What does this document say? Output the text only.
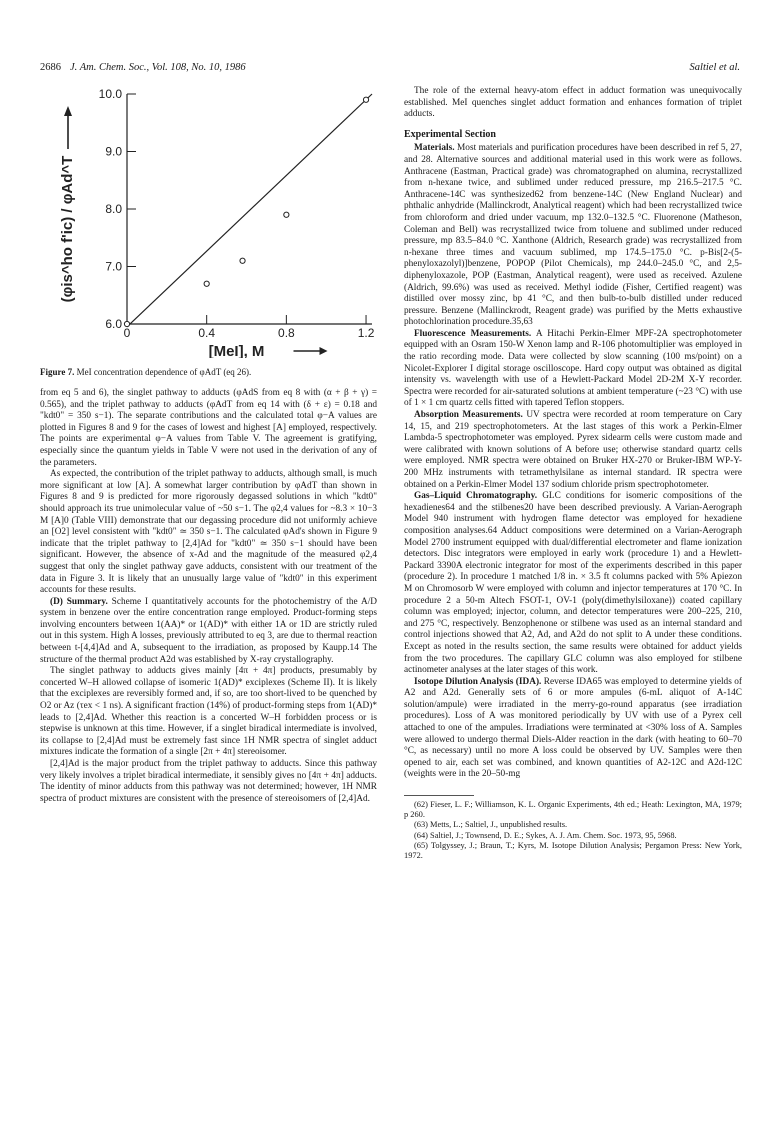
2686 J. Am. Chem. Soc., Vol. 108, No. 10, 1986	Saltiel et al.
6.0
7.0
8.0
9.0
10.0
0	0.4	0.8	1.2
[MeI], M
(φis^ho f'ic) / φAd^T
Figure 7. MeI concentration dependence of φAdT (eq 26).

from eq 5 and 6), the singlet pathway to adducts (φAdS from eq 8 with (α + β + γ) = 0.565), and the triplet pathway to adducts (φAdT from eq 14 with (δ + ε) = 0.18 and "kdt0" = 350 s−1). The separate contributions and the calculated total φ−A values are plotted in Figures 8 and 9 for the cases of lowest and highest [A] employed, respectively. The points are experimental φ−A values from Table V. The agreement is gratifying, especially since the quantum yields in Table V were not used in the derivation of any of the parameters.

As expected, the contribution of the triplet pathway to adducts, although small, is much more significant at low [A]. A somewhat larger contribution by φAdT than shown in Figures 8 and 9 is predicted for more rigorously degassed solutions in which "kdt0" should approach its true unimolecular value of ~50 s−1. The φ2,4 values for ~8.3 × 10−3 M [A]0 (Table VIII) demonstrate that our degassing procedure did not uniformly achieve an [O2] level consistent with "kdt0" ≃ 350 s−1. The calculated φAd's shown in Figure 9 indicate that the triplet pathway to [2,4]Ad for "kdt0" ≃ 350 s−1 should have been significant. However, the absence of x-Ad and the magnitude of the measured φ2,4 suggest that only the singlet pathway gave adducts, consistent with our treatment of the data in Figure 3. It is likely that an unusually large value of "kdt0" in this experiment accounts for these results.

(D) Summary. Scheme I quantitatively accounts for the photochemistry of the A/D system in benzene over the entire concentration range employed. Product-forming steps involving encounters between 1(AA)* or 1(AD)* with either 1A or 1D are strictly ruled out in this system. High A losses, previously attributed to eq 3, are due to thermal reaction between t-[4,4]Ad and A, subsequent to the irradiation, as proposed by Kaupp.14 The structure of the thermal product A2d was established by X-ray crystallography.

The singlet pathway to adducts gives mainly [4π + 4π] products, presumably by concerted W–H allowed collapse of isomeric 1(AD)* exciplexes (Scheme II). It is likely that the exciplexes are reversibly formed and, if so, are too short-lived to be quenched by O2 or Az (τex < 1 ns). A significant fraction (14%) of product-forming steps from 1(AD)* leads to [2,4]Ad. Whether this reaction is a concerted W–H forbidden process or is stepwise is unknown at this time. However, if a singlet biradical intermediate is involved, its collapse to [2,4]Ad must be extremely fast since 1H NMR spectra of singlet adduct mixtures indicate the formation of a single [2π + 4π] stereoisomer.

[2,4]Ad is the major product from the triplet pathway to adducts. Since this pathway very likely involves a triplet biradical intermediate, it sensibly gives no [4π + 4π] adducts. The identity of minor adducts from this pathway was not determined; however, 1H NMR spectra of product mixtures are consistent with the presence of stereoisomers of [2,4]Ad.

The role of the external heavy-atom effect in adduct formation was unequivocally established. MeI quenches singlet adduct formation and enhances formation of triplet adducts.

Experimental Section

Materials. Most materials and purification procedures have been described in ref 5, 27, and 28. Alternative sources and additional material used in this work were as follows. Anthracene (Eastman, Practical grade) was chromatographed on alumina, recrystallized from n-hexane twice, and sublimed under reduced pressure, mp 216.5–217.5 °C. Anthracene-14C was synthesized62 from benzene-14C (New England Nuclear) and phthalic anhydride (Mallinckrodt, Analytical reagent) which had been recrystallized twice from chloroform and dried under vacuum, mp 132.0–132.5 °C. Fluorenone (Matheson, Coleman and Bell) was recrystallized twice from toluene and sublimed under reduced pressure, mp 83.5–84.0 °C. Xanthone (Aldrich, Research grade) was recrystallized from n-hexane three times and vacuum sublimed, mp 174.5–175.0 °C. p-Bis[2-(5-phenyloxazolyl)]benzene, POPOP (Pilot Chemicals), mp 244.0–245.0 °C, and 2,5-diphenyloxazole, POP (Eastman, Analytical reagent), were used as received. Azulene (Aldrich, 99.6%) was used as received. Methyl iodide (Fisher, Certified reagent) was distilled over mossy zinc, bp 41 °C, and then bulb-to-bulb distilled under reduced pressure. Benzene (Mallinckrodt, Reagent grade) was purified by the Metts exhaustive photochlorination procedure.35,63

Fluorescence Measurements. A Hitachi Perkin-Elmer MPF-2A spectrophotometer equipped with an Osram 150-W Xenon lamp and R-106 photomultiplier was employed in the ratio recording mode. Data were collected by slow scanning (100 ms/point) on a Nicolet-Explorer I digital storage oscilloscope. Hard copy output was obtained as digital intensity vs. wavelength with use of a Hewlett-Packard Model 2D-2M X-Y recorder. Spectra were recorded for air-saturated solutions at ambient temperature (~23 °C) with use of 1 × 1 cm quartz cells fitted with tapered Teflon stoppers.

Absorption Measurements. UV spectra were recorded at room temperature on Cary 14, 15, and 219 spectrophotometers. At the last stages of this work a Perkin-Elmer Lambda-5 spectrophotometer was employed. Pyrex sidearm cells were custom made and were calibrated with known solutions of A before use; otherwise standard quartz cells were employed. NMR spectra were obtained on Bruker HX-270 or Bruker-IBM WP-Y-200 MHz instruments with tetramethylsilane as internal standard. IR spectra were obtained on a Perkin-Elmer Model 137 sodium chloride prism spectrophotometer.

Gas–Liquid Chromatography. GLC conditions for isomeric compositions of the hexadienes64 and the stilbenes20 have been described previously. A Varian-Aerograph Model 940 instrument with hydrogen flame detector was employed for hexadiene composition analyses.64 Adduct compositions were determined on a Varian-Aerograph Model 2700 instrument equipped with dual/differential electrometer and flame ionization detectors. Disc integrators were employed in early work (procedure 1) and a Hewlett-Packard 3390A electronic integrator for most of the experiments described in this paper (procedure 2). In procedure 1 matched 1/8 in. × 3.5 ft columns packed with 5% Apiezon M on Chromosorb W were employed with column and injector temperatures at 170 °C. In procedure 2 a 50-m Altech FSOT-1, OV-1 (poly(dimethylsiloxane)) coated capillary column was employed; injector, column, and detector temperatures were 200–225, 210, and 275 °C, respectively. Benzophenone or stilbene was used as an internal standard and control injections showed that A2, Ad, and A2d do not split to A under these conditions. Except as noted in the results section, the same results were obtained for adduct yields from the two procedures. The capillary GLC column was also employed for stilbene actinometer analyses at the later stages of this work.

Isotope Dilution Analysis (IDA). Reverse IDA65 was employed to determine yields of A2 and A2d. Generally sets of 6 or more ampules (6-mL aliquot of A-14C solution/ampule) were irradiated in the merry-go-round apparatus (see irradiation procedures). Loss of A was monitored periodically by UV with use of a Pyrex cell attached to one of the ampules. Irradiations were terminated at <30% loss of A. Samples were allowed to undergo thermal Diels-Alder reaction in the dark (with heating to 60–70 °C, as necessary) until no more A loss could be observed by UV. Samples were then opened to air, each set was combined, and known quantities of A2-12C and A2d-12C (weights were in the 20–50-mg

(62) Fieser, L. F.; Williamson, K. L. Organic Experiments, 4th ed.; Heath: Lexington, MA, 1979; p 260.

(63) Metts, L.; Saltiel, J., unpublished results.

(64) Saltiel, J.; Townsend, D. E.; Sykes, A. J. Am. Chem. Soc. 1973, 95, 5968.

(65) Tolgyssey, J.; Braun, T.; Kyrs, M. Isotope Dilution Analysis; Pergamon Press: New York, 1972.
